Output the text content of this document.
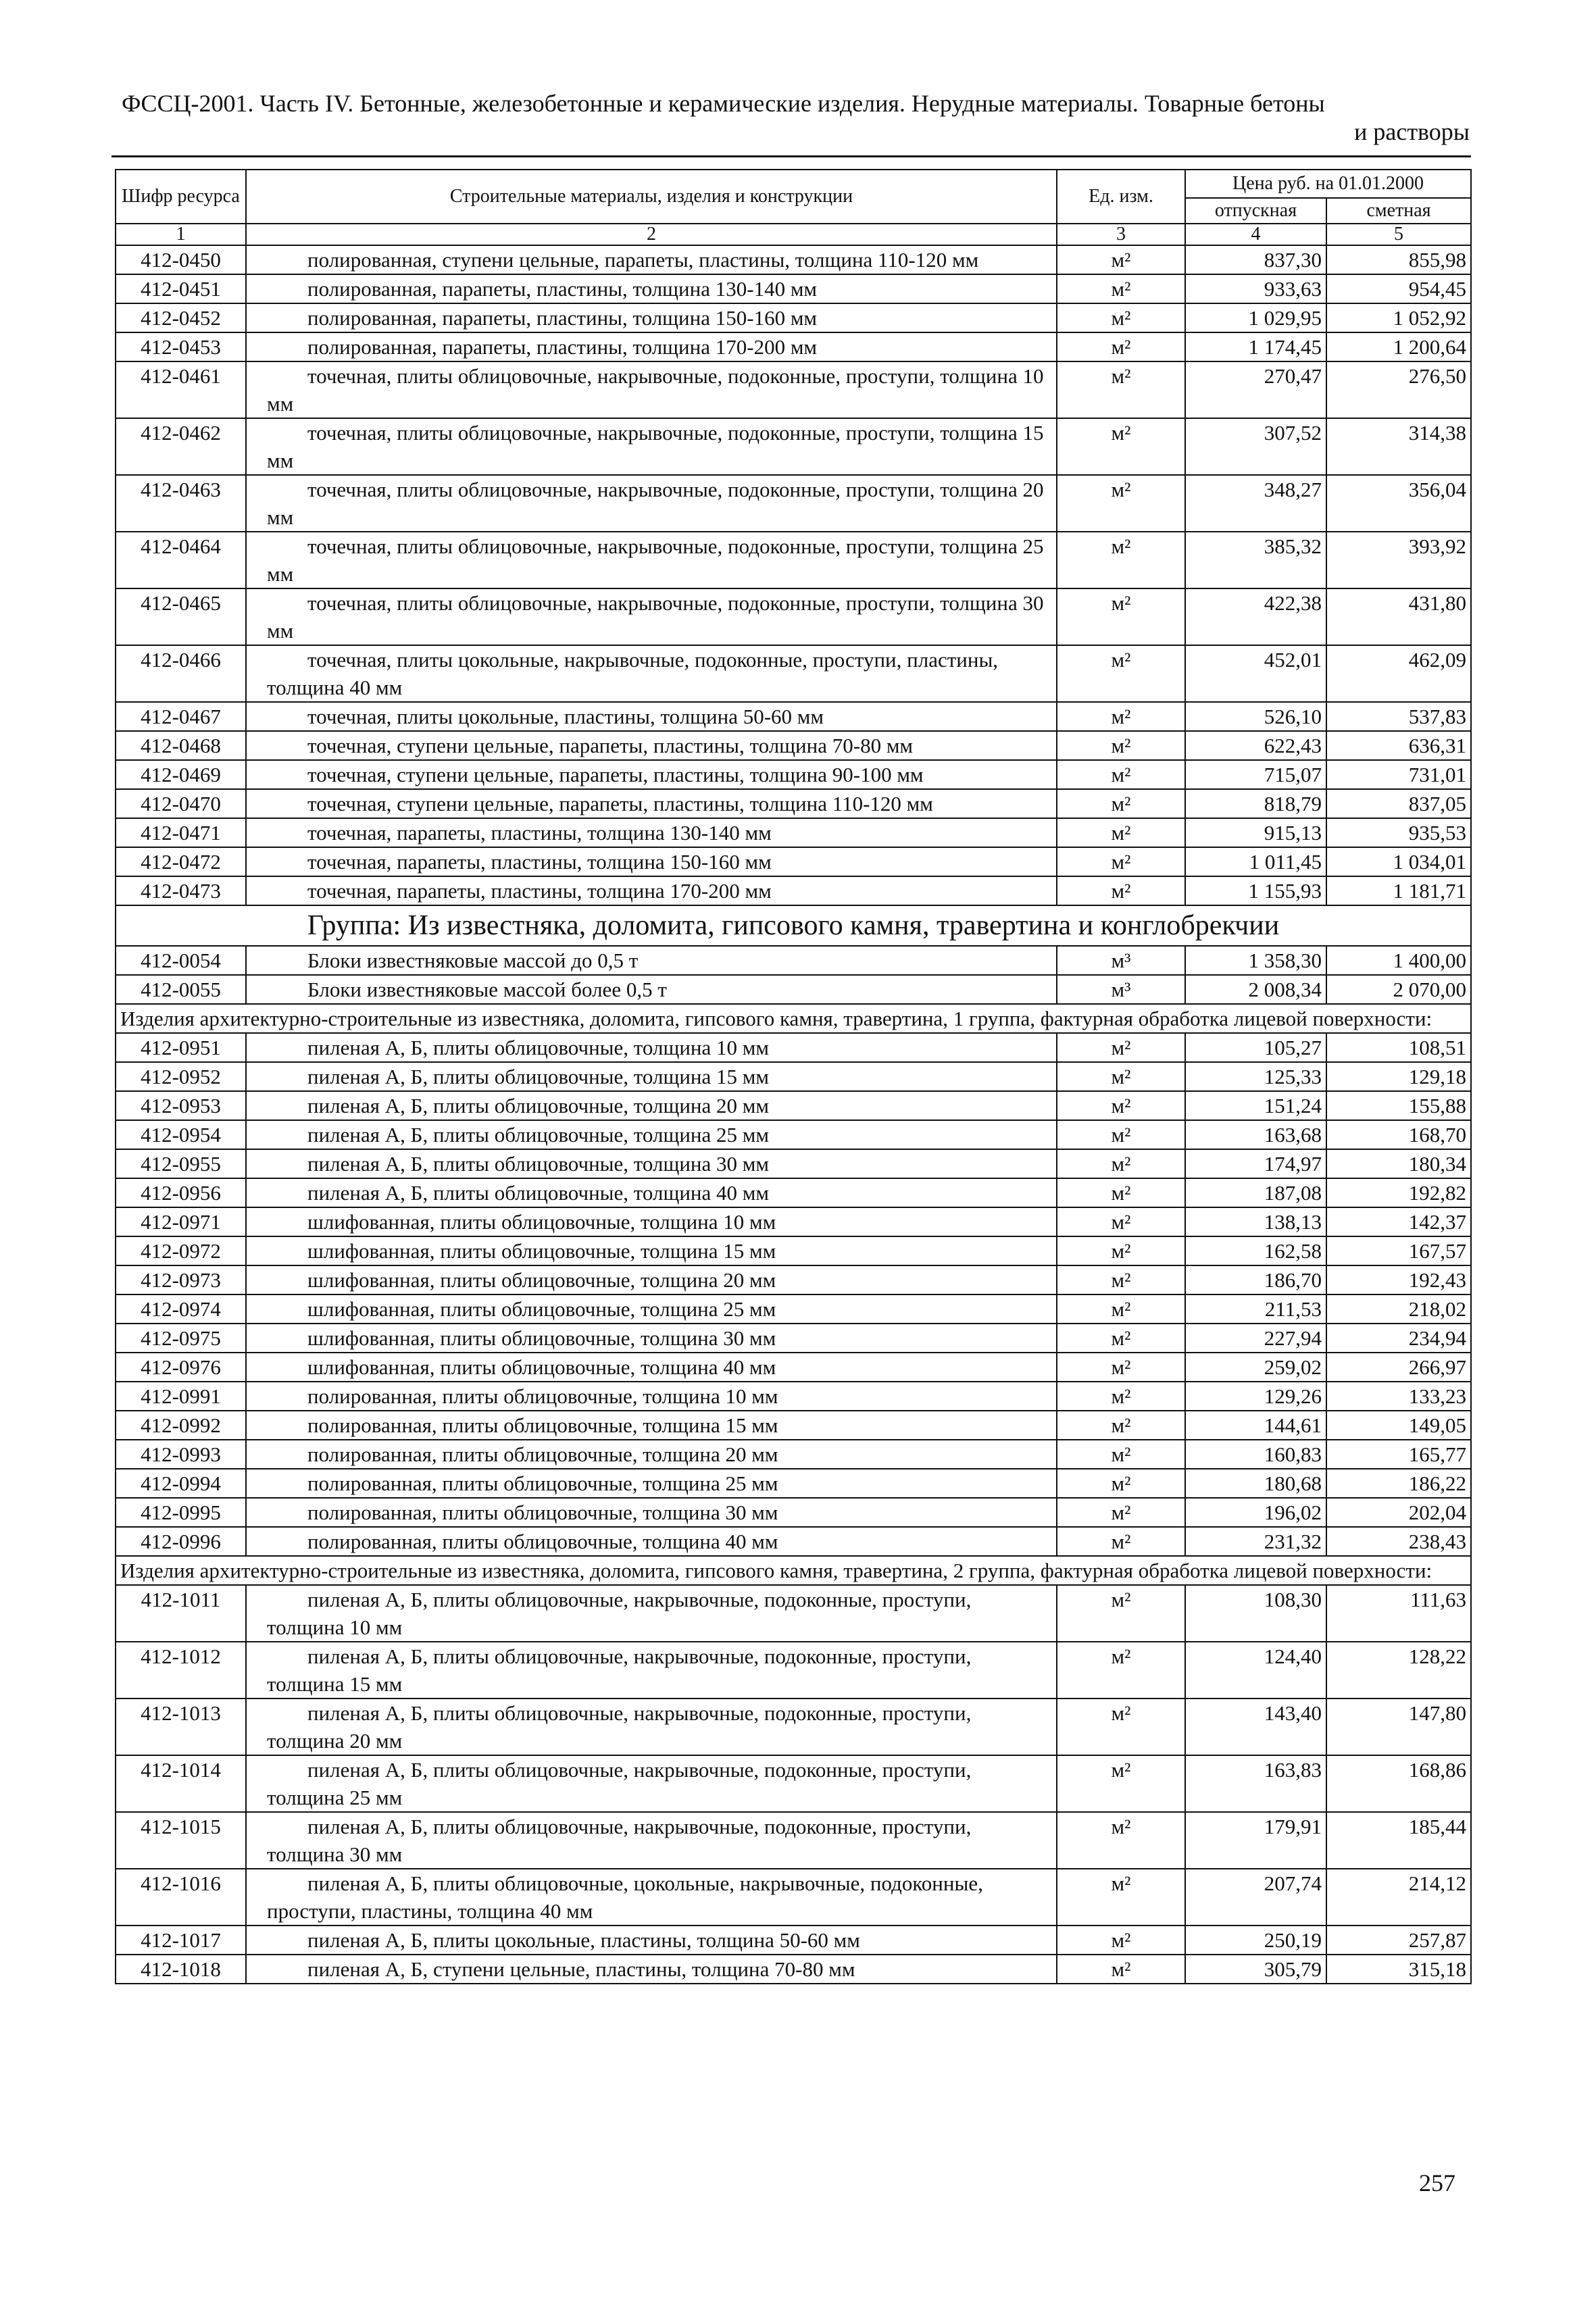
ФССЦ-2001. Часть IV. Бетонные, железобетонные и керамические изделия. Нерудные материалы. Товарные бетоны
и растворы
Шифр ресурса	Строительные материалы, изделия и конструкции	Ед. изм.	Цена руб. на 01.01.2000	
			отпускная	сметная
1	2	3	4	5
412-0450	полированная, ступени цельные, парапеты, пластины, толщина 110-120 мм	м²	837,30	855,98
412-0451	полированная, парапеты, пластины, толщина 130-140 мм	м²	933,63	954,45
412-0452	полированная, парапеты, пластины, толщина 150-160 мм	м²	1 029,95	1 052,92
412-0453	полированная, парапеты, пластины, толщина 170-200 мм	м²	1 174,45	1 200,64
412-0461	точечная, плиты облицовочные, накрывочные, подоконные, проступи, толщина 10 мм	м²	270,47	276,50
412-0462	точечная, плиты облицовочные, накрывочные, подоконные, проступи, толщина 15 мм	м²	307,52	314,38
412-0463	точечная, плиты облицовочные, накрывочные, подоконные, проступи, толщина 20 мм	м²	348,27	356,04
412-0464	точечная, плиты облицовочные, накрывочные, подоконные, проступи, толщина 25 мм	м²	385,32	393,92
412-0465	точечная, плиты облицовочные, накрывочные, подоконные, проступи, толщина 30 мм	м²	422,38	431,80
412-0466	точечная, плиты цокольные, накрывочные, подоконные, проступи, пластины, толщина 40 мм	м²	452,01	462,09
412-0467	точечная, плиты цокольные, пластины, толщина 50-60 мм	м²	526,10	537,83
412-0468	точечная, ступени цельные, парапеты, пластины, толщина 70-80 мм	м²	622,43	636,31
412-0469	точечная, ступени цельные, парапеты, пластины, толщина 90-100 мм	м²	715,07	731,01
412-0470	точечная, ступени цельные, парапеты, пластины, толщина 110-120 мм	м²	818,79	837,05
412-0471	точечная, парапеты, пластины, толщина 130-140 мм	м²	915,13	935,53
412-0472	точечная, парапеты, пластины, толщина 150-160 мм	м²	1 011,45	1 034,01
412-0473	точечная, парапеты, пластины, толщина 170-200 мм	м²	1 155,93	1 181,71
Группа: Из известняка, доломита, гипсового камня, травертина и конглобрекчии				
412-0054	Блоки известняковые массой до 0,5 т	м³	1 358,30	1 400,00
412-0055	Блоки известняковые массой более 0,5 т	м³	2 008,34	2 070,00
Изделия архитектурно-строительные из известняка, доломита, гипсового камня, травертина, 1 группа, фактурная обработка лицевой поверхности:				
412-0951	пиленая А, Б, плиты облицовочные, толщина 10 мм	м²	105,27	108,51
412-0952	пиленая А, Б, плиты облицовочные, толщина 15 мм	м²	125,33	129,18
412-0953	пиленая А, Б, плиты облицовочные, толщина 20 мм	м²	151,24	155,88
412-0954	пиленая А, Б, плиты облицовочные, толщина 25 мм	м²	163,68	168,70
412-0955	пиленая А, Б, плиты облицовочные, толщина 30 мм	м²	174,97	180,34
412-0956	пиленая А, Б, плиты облицовочные, толщина 40 мм	м²	187,08	192,82
412-0971	шлифованная, плиты облицовочные, толщина 10 мм	м²	138,13	142,37
412-0972	шлифованная, плиты облицовочные, толщина 15 мм	м²	162,58	167,57
412-0973	шлифованная, плиты облицовочные, толщина 20 мм	м²	186,70	192,43
412-0974	шлифованная, плиты облицовочные, толщина 25 мм	м²	211,53	218,02
412-0975	шлифованная, плиты облицовочные, толщина 30 мм	м²	227,94	234,94
412-0976	шлифованная, плиты облицовочные, толщина 40 мм	м²	259,02	266,97
412-0991	полированная, плиты облицовочные, толщина 10 мм	м²	129,26	133,23
412-0992	полированная, плиты облицовочные, толщина 15 мм	м²	144,61	149,05
412-0993	полированная, плиты облицовочные, толщина 20 мм	м²	160,83	165,77
412-0994	полированная, плиты облицовочные, толщина 25 мм	м²	180,68	186,22
412-0995	полированная, плиты облицовочные, толщина 30 мм	м²	196,02	202,04
412-0996	полированная, плиты облицовочные, толщина 40 мм	м²	231,32	238,43
Изделия архитектурно-строительные из известняка, доломита, гипсового камня, травертина, 2 группа, фактурная обработка лицевой поверхности:				
412-1011	пиленая А, Б, плиты облицовочные, накрывочные, подоконные, проступи, толщина 10 мм	м²	108,30	111,63
412-1012	пиленая А, Б, плиты облицовочные, накрывочные, подоконные, проступи, толщина 15 мм	м²	124,40	128,22
412-1013	пиленая А, Б, плиты облицовочные, накрывочные, подоконные, проступи, толщина 20 мм	м²	143,40	147,80
412-1014	пиленая А, Б, плиты облицовочные, накрывочные, подоконные, проступи, толщина 25 мм	м²	163,83	168,86
412-1015	пиленая А, Б, плиты облицовочные, накрывочные, подоконные, проступи, толщина 30 мм	м²	179,91	185,44
412-1016	пиленая А, Б, плиты облицовочные, цокольные, накрывочные, подоконные, проступи, пластины, толщина 40 мм	м²	207,74	214,12
412-1017	пиленая А, Б, плиты цокольные, пластины, толщина 50-60 мм	м²	250,19	257,87
412-1018	пиленая А, Б, ступени цельные, пластины, толщина 70-80 мм	м²	305,79	315,18
257
